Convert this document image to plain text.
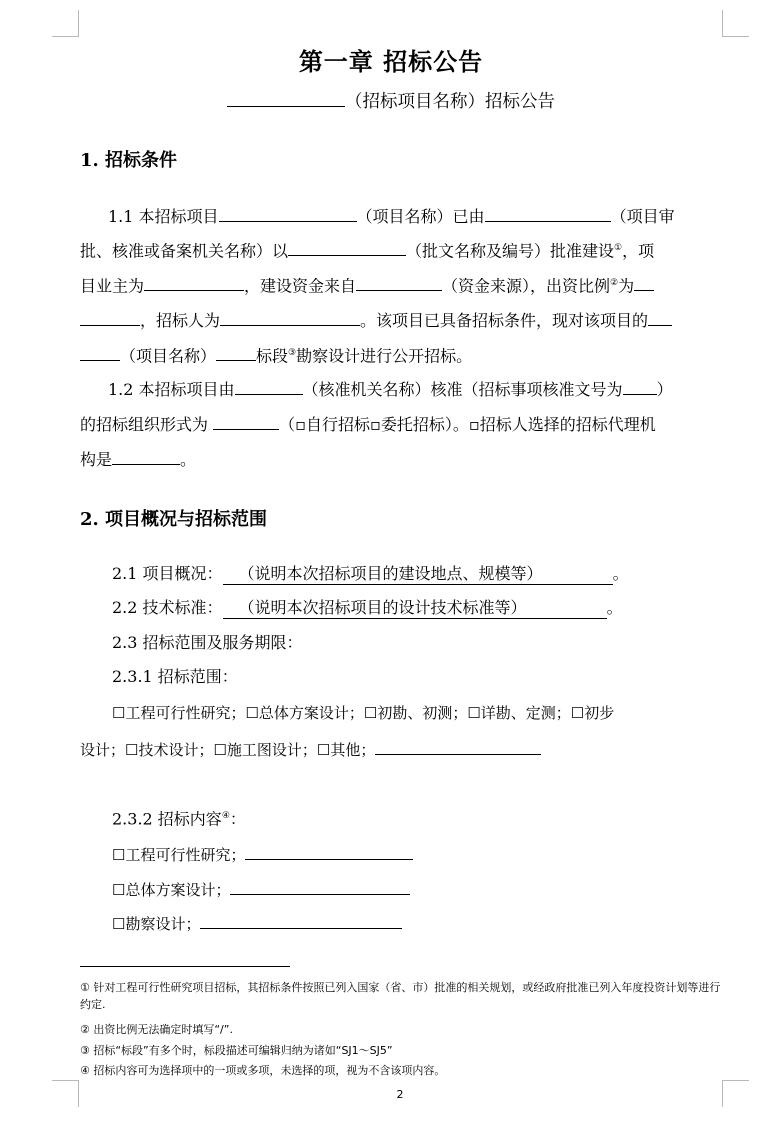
第一章 招标公告
（招标项目名称）招标公告
1. 招标条件
1.1 本招标项目	（项目名称）已由	（项目审
批、核准或备案机关名称）以	（批文名称及编号）批准建设①，项
目业主为	，建设资金来自	（资金来源），出资比例②为
，招标人为	。该项目已具备招标条件，现对该项目的
（项目名称）	标段③勘察设计进行公开招标。
1.2 本招标项目由	（核准机关名称）核准（招标事项核准文号为 ）
的招标组织形式为	（▫自行招标▫委托招标）。▫招标人选择的招标代理机
构是	。
2. 项目概况与招标范围
2.1 项目概况： （说明本次招标项目的建设地点、规模等）	。
2.2 技术标准： （说明本次招标项目的设计技术标准等）	。
2.3 招标范围及服务期限：
2.3.1 招标范围：
☐工程可行性研究；☐总体方案设计；☐初勘、初测；☐详勘、定测；☐初步
设计；☐技术设计；☐施工图设计；☐其他；
2.3.2 招标内容④：
☐工程可行性研究；
☐总体方案设计；
☐勘察设计；
① 针对工程可行性研究项目招标，其招标条件按照已列入国家（省、市）批准的相关规划，或经政府批准已列入年度投资计划等进行约定.
② 出资比例无法确定时填写“/”.
③ 招标“标段”有多个时，标段描述可编辑归纳为诸如“SJ1～SJ5”
④ 招标内容可为选择项中的一项或多项，未选择的项，视为不含该项内容。
2
